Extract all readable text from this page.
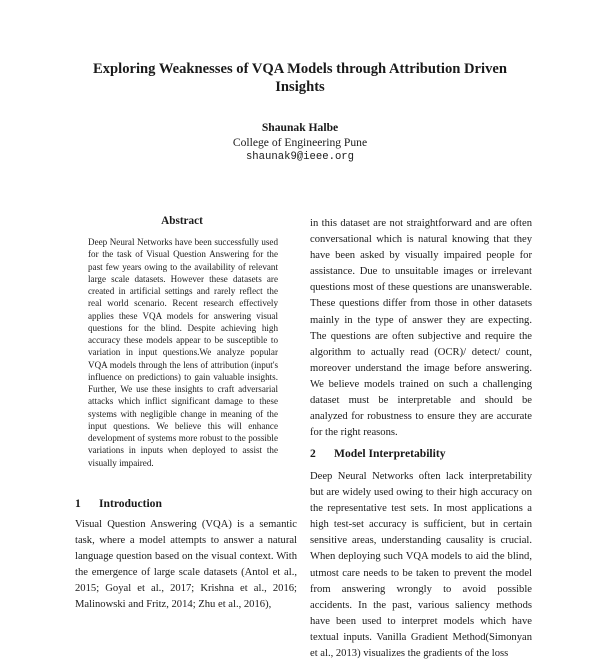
Exploring Weaknesses of VQA Models through Attribution Driven Insights
Shaunak Halbe
College of Engineering Pune
shaunak9@ieee.org
Abstract

Deep Neural Networks have been successfully used for the task of Visual Question Answering for the past few years owing to the availability of relevant large scale datasets. However these datasets are created in artificial settings and rarely reflect the real world scenario. Recent research effectively applies these VQA models for answering visual questions for the blind. Despite achieving high accuracy these models appear to be susceptible to variation in input questions.We analyze popular VQA models through the lens of attribution (input's influence on predictions) to gain valuable insights. Further, We use these insights to craft adversarial attacks which inflict significant damage to these systems with negligible change in meaning of the input questions. We believe this will enhance development of systems more robust to the possible variations in inputs when deployed to assist the visually impaired.

1 Introduction

Visual Question Answering (VQA) is a semantic task, where a model attempts to answer a natural language question based on the visual context. With the emergence of large scale datasets (Antol et al., 2015; Goyal et al., 2017; Krishna et al., 2016; Malinowski and Fritz, 2014; Zhu et al., 2016),

in this dataset are not straightforward and are often conversational which is natural knowing that they have been asked by visually impaired people for assistance. Due to unsuitable images or irrelevant questions most of these questions are unanswerable. These questions differ from those in other datasets mainly in the type of answer they are expecting. The questions are often subjective and require the algorithm to actually read (OCR)/ detect/ count, moreover understand the image before answering. We believe models trained on such a challenging dataset must be interpretable and should be analyzed for robustness to ensure they are accurate for the right reasons.

2 Model Interpretability

Deep Neural Networks often lack interpretability but are widely used owing to their high accuracy on the representative test sets. In most applications a high test-set accuracy is sufficient, but in certain sensitive areas, understanding causality is crucial. When deploying such VQA models to aid the blind, utmost care needs to be taken to prevent the model from answering wrongly to avoid possible accidents. In the past, various saliency methods have been used to interpret models which have textual inputs. Vanilla Gradient Method(Simonyan et al., 2013) visualizes the gradients of the loss
